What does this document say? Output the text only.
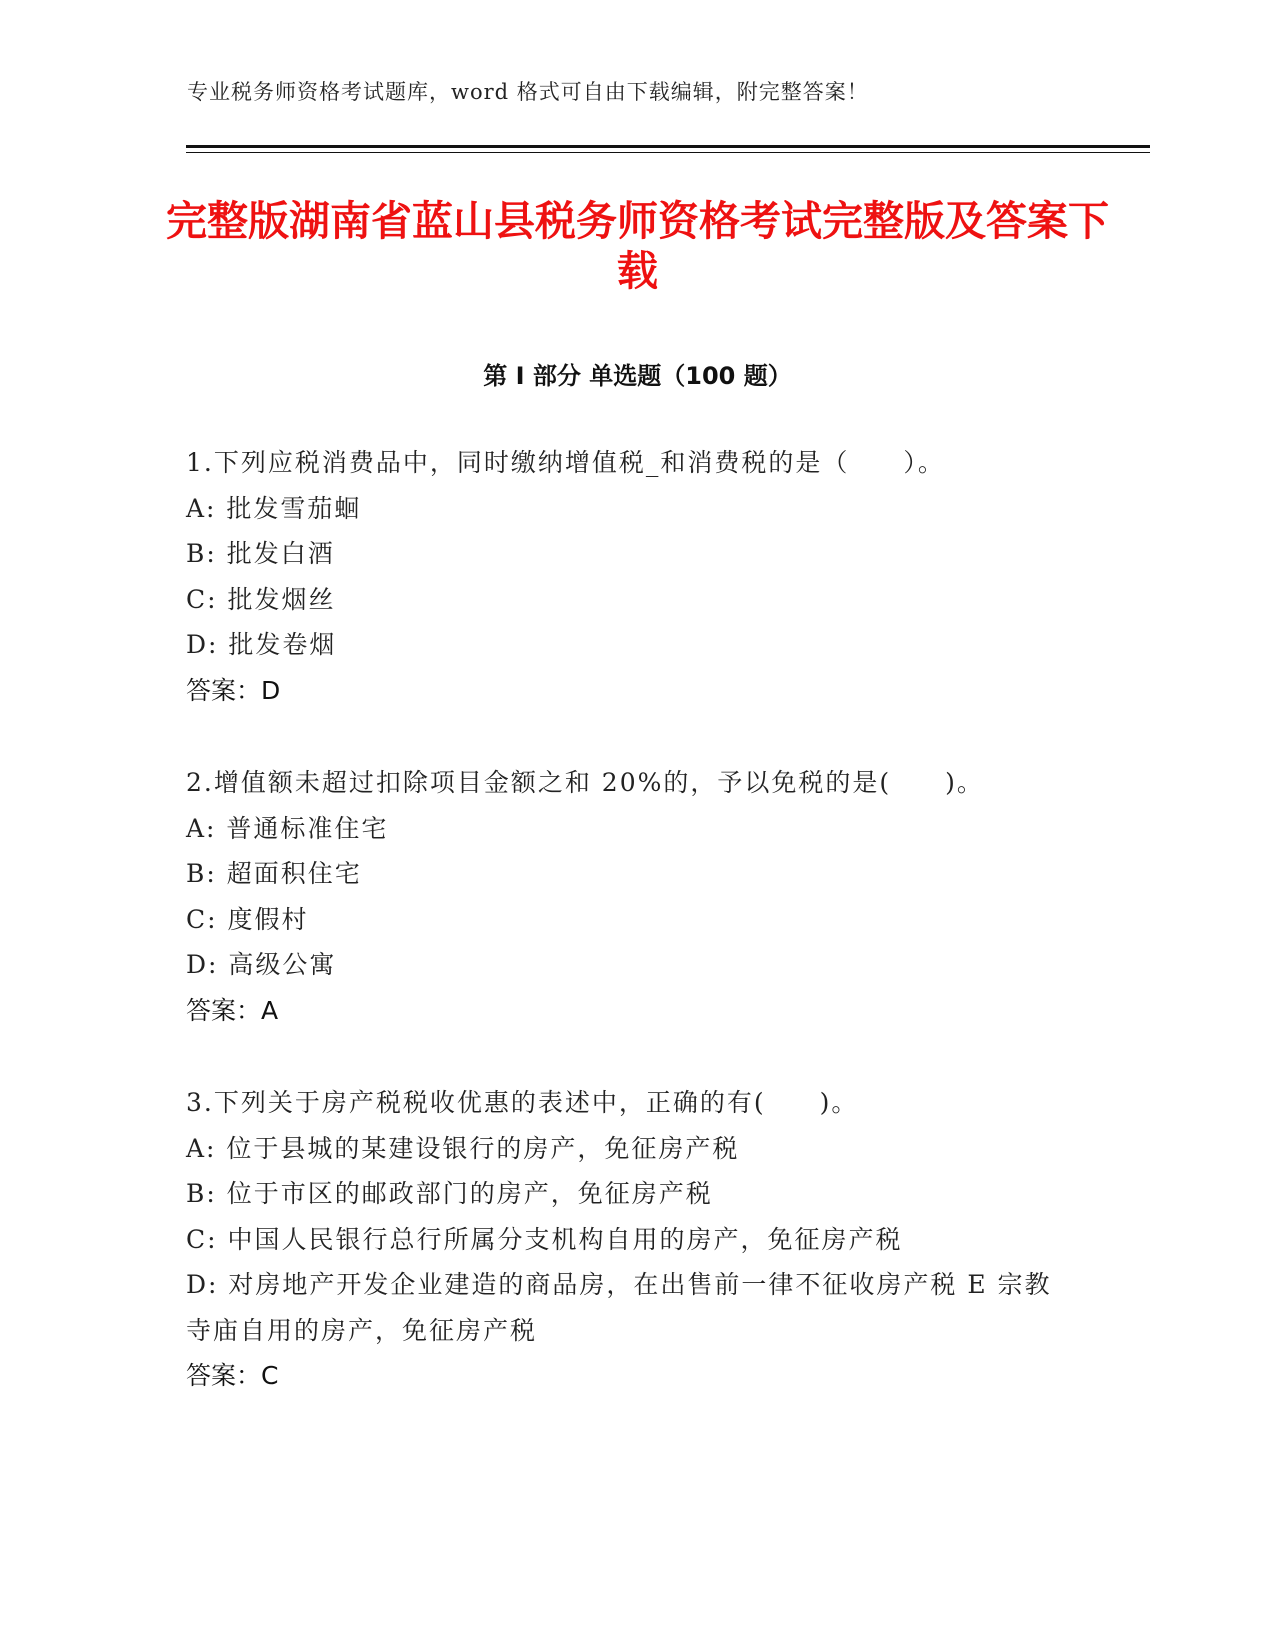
专业税务师资格考试题库，word 格式可自由下载编辑，附完整答案！
完整版湖南省蓝山县税务师资格考试完整版及答案下载
第 I 部分 单选题（100 题）
1.下列应税消费品中，同时缴纳增值税_和消费税的是（　　）。
A: 批发雪茄蛔
B: 批发白酒
C: 批发烟丝
D: 批发卷烟
答案：D
2.增值额未超过扣除项目金额之和 20%的，予以免税的是(　　)。
A: 普通标准住宅
B: 超面积住宅
C: 度假村
D: 高级公寓
答案：A
3.下列关于房产税税收优惠的表述中，正确的有(　　)。
A: 位于县城的某建设银行的房产，免征房产税
B: 位于市区的邮政部门的房产，免征房产税
C: 中国人民银行总行所属分支机构自用的房产，免征房产税
D: 对房地产开发企业建造的商品房，在出售前一律不征收房产税 E 宗教寺庙自用的房产，免征房产税
答案：C
